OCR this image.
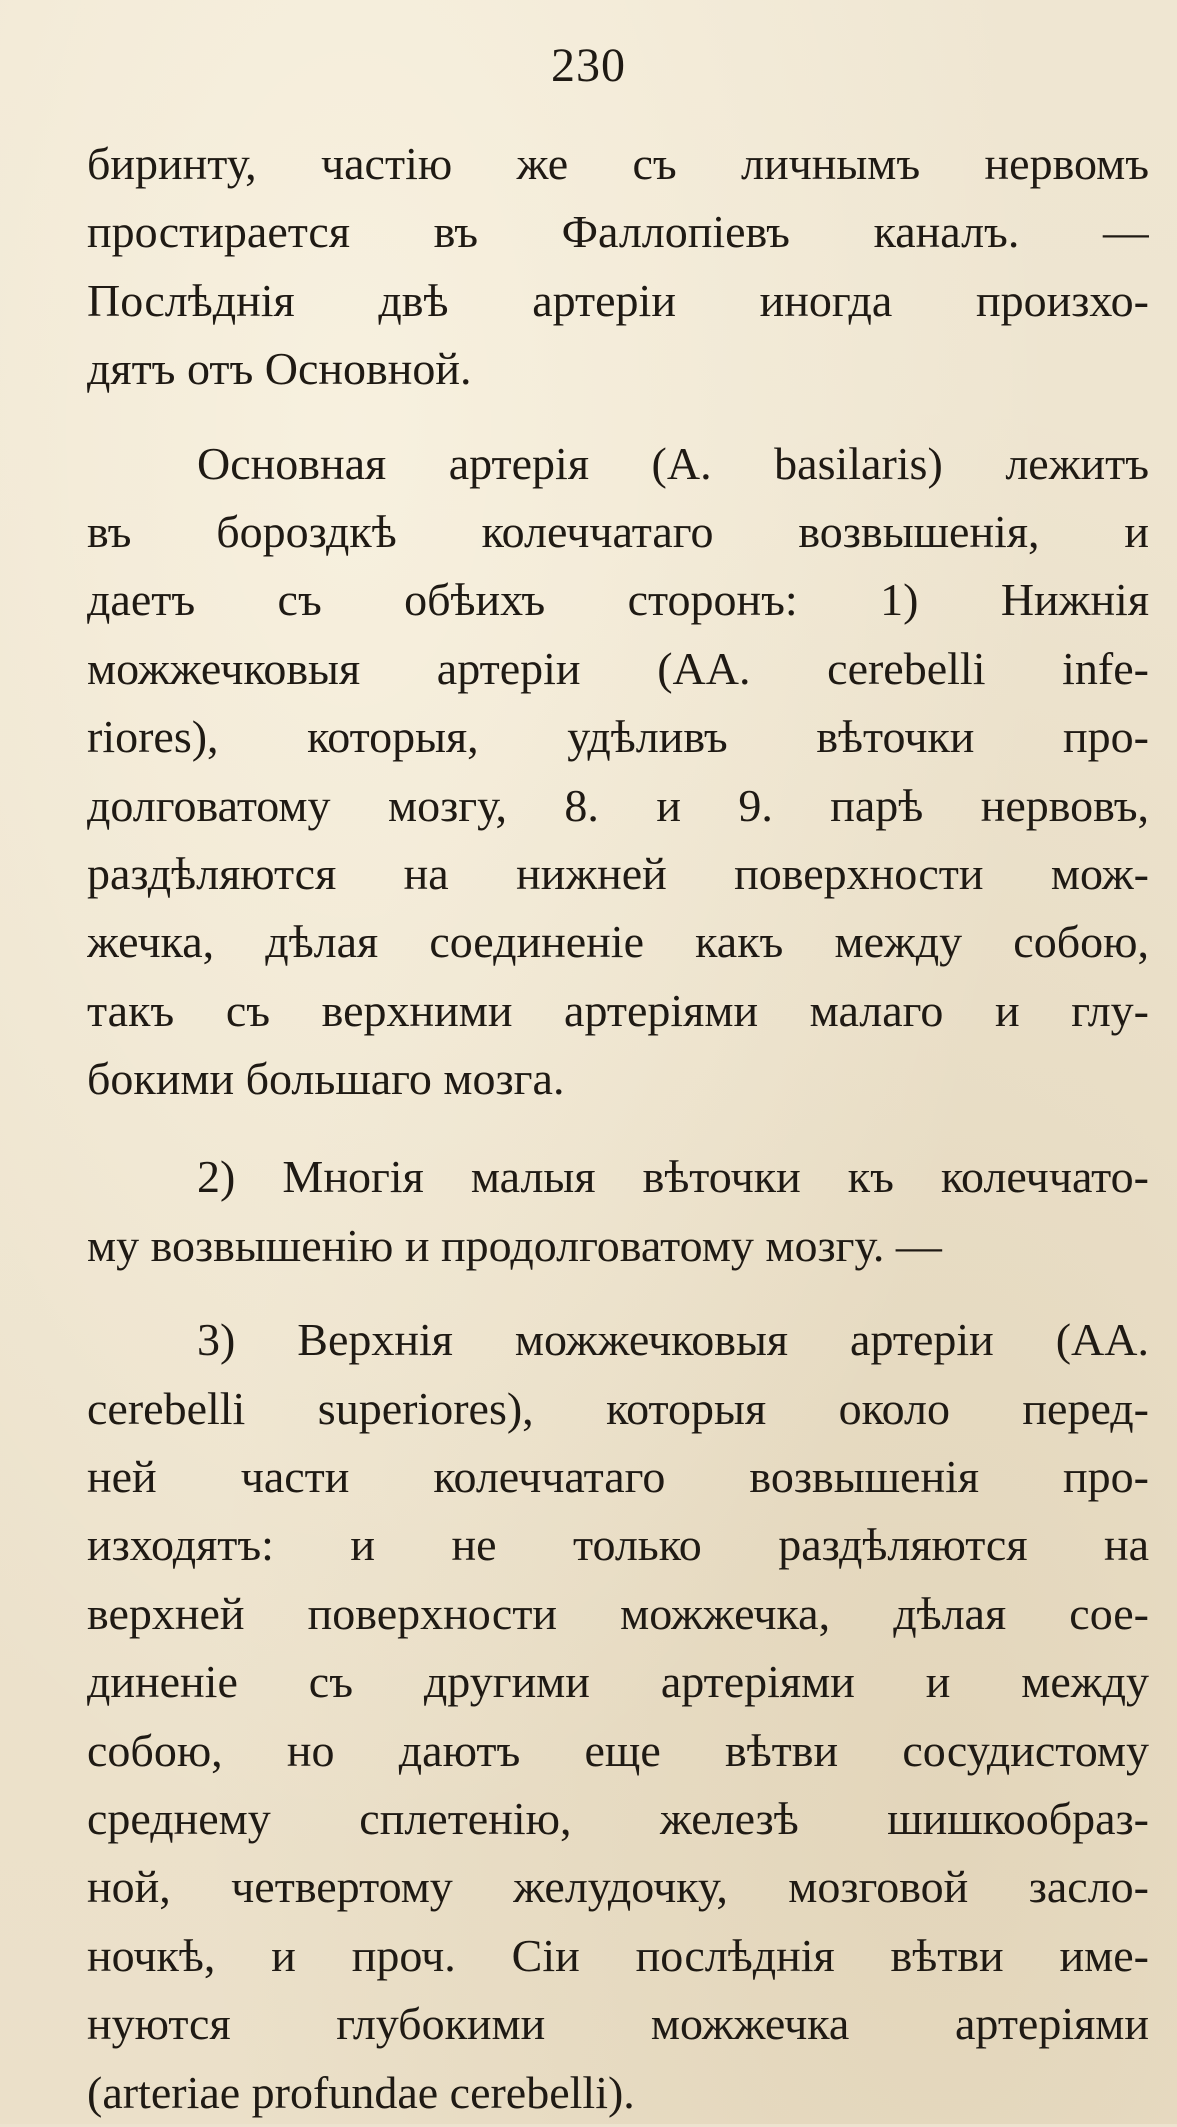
230
биринту, частію же съ личнымъ нервомъ
простирается въ Фаллопіевъ каналъ. —
Послѣднія двѣ артеріи иногда произхо-
дятъ отъ Основной.
Основная артерія (A. basilaris) лежитъ
въ бороздкѣ колеччатаго возвышенія, и
даетъ съ обѣихъ сторонъ: 1) Нижнія
можжечковыя артеріи (AA. cerebelli infe-
riores), которыя, удѣливъ вѣточки про-
долговатому мозгу, 8. и 9. парѣ нервовъ,
раздѣляются на нижней поверхности мож-
жечка, дѣлая соединеніе какъ между собою,
такъ съ верхними артеріями малаго и глу-
бокими большаго мозга.
2) Многія малыя вѣточки къ колеччато-
му возвышенію и продолговатому мозгу. —
3) Верхнія можжечковыя артеріи (AA.
cerebelli superiores), которыя около перед-
ней части колеччатаго возвышенія про-
изходятъ: и не только раздѣляются на
верхней поверхности можжечка, дѣлая сое-
диненіе съ другими артеріями и между
собою, но даютъ еще вѣтви сосудистому
среднему сплетенію, железѣ шишкообраз-
ной, четвертому желудочку, мозговой засло-
ночкѣ, и проч. Сіи послѣднія вѣтви име-
нуются глубокими можжечка артеріями
(arteriae profundae cerebelli).
